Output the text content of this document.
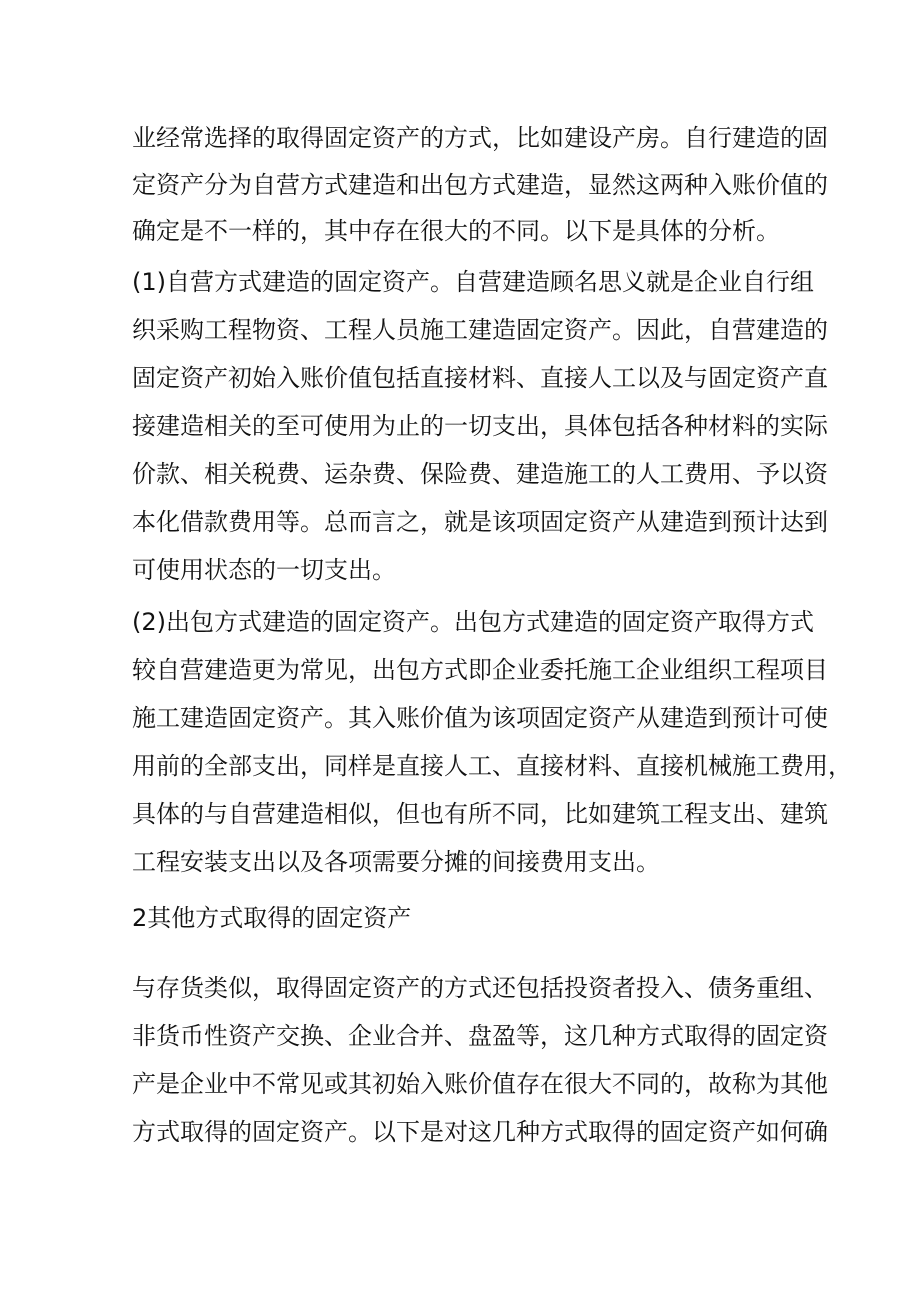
业经常选择的取得固定资产的方式，比如建设产房。自行建造的固
定资产分为自营方式建造和出包方式建造，显然这两种入账价值的
确定是不一样的，其中存在很大的不同。以下是具体的分析。
(1)自营方式建造的固定资产。自营建造顾名思义就是企业自行组
织采购工程物资、工程人员施工建造固定资产。因此，自营建造的
固定资产初始入账价值包括直接材料、直接人工以及与固定资产直
接建造相关的至可使用为止的一切支出，具体包括各种材料的实际
价款、相关税费、运杂费、保险费、建造施工的人工费用、予以资
本化借款费用等。总而言之，就是该项固定资产从建造到预计达到
可使用状态的一切支出。
(2)出包方式建造的固定资产。出包方式建造的固定资产取得方式
较自营建造更为常见，出包方式即企业委托施工企业组织工程项目
施工建造固定资产。其入账价值为该项固定资产从建造到预计可使
用前的全部支出，同样是直接人工、直接材料、直接机械施工费用，
具体的与自营建造相似，但也有所不同，比如建筑工程支出、建筑
工程安装支出以及各项需要分摊的间接费用支出。
2其他方式取得的固定资产
与存货类似，取得固定资产的方式还包括投资者投入、债务重组、
非货币性资产交换、企业合并、盘盈等，这几种方式取得的固定资
产是企业中不常见或其初始入账价值存在很大不同的，故称为其他
方式取得的固定资产。以下是对这几种方式取得的固定资产如何确
